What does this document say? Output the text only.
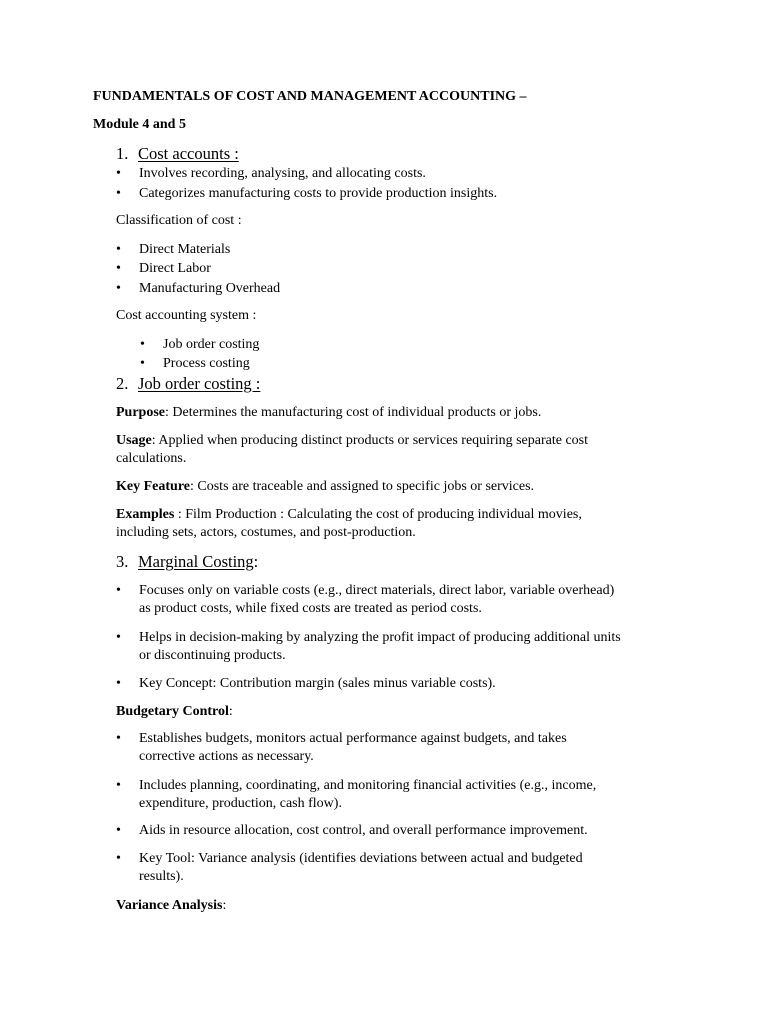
FUNDAMENTALS OF COST AND MANAGEMENT ACCOUNTING –
Module 4 and 5
1. Cost accounts :
• Involves recording, analysing, and allocating costs.
• Categorizes manufacturing costs to provide production insights.
Classification of cost :
• Direct Materials
• Direct Labor
• Manufacturing Overhead
Cost accounting system :
• Job order costing
• Process costing
2. Job order costing :
Purpose: Determines the manufacturing cost of individual products or jobs.
Usage: Applied when producing distinct products or services requiring separate cost
calculations.
Key Feature: Costs are traceable and assigned to specific jobs or services.
Examples : Film Production : Calculating the cost of producing individual movies,
including sets, actors, costumes, and post-production.
3. Marginal Costing:
• Focuses only on variable costs (e.g., direct materials, direct labor, variable overhead)
as product costs, while fixed costs are treated as period costs.
• Helps in decision-making by analyzing the profit impact of producing additional units
or discontinuing products.
• Key Concept: Contribution margin (sales minus variable costs).
Budgetary Control:
• Establishes budgets, monitors actual performance against budgets, and takes
corrective actions as necessary.
• Includes planning, coordinating, and monitoring financial activities (e.g., income,
expenditure, production, cash flow).
• Aids in resource allocation, cost control, and overall performance improvement.
• Key Tool: Variance analysis (identifies deviations between actual and budgeted
results).
Variance Analysis:
